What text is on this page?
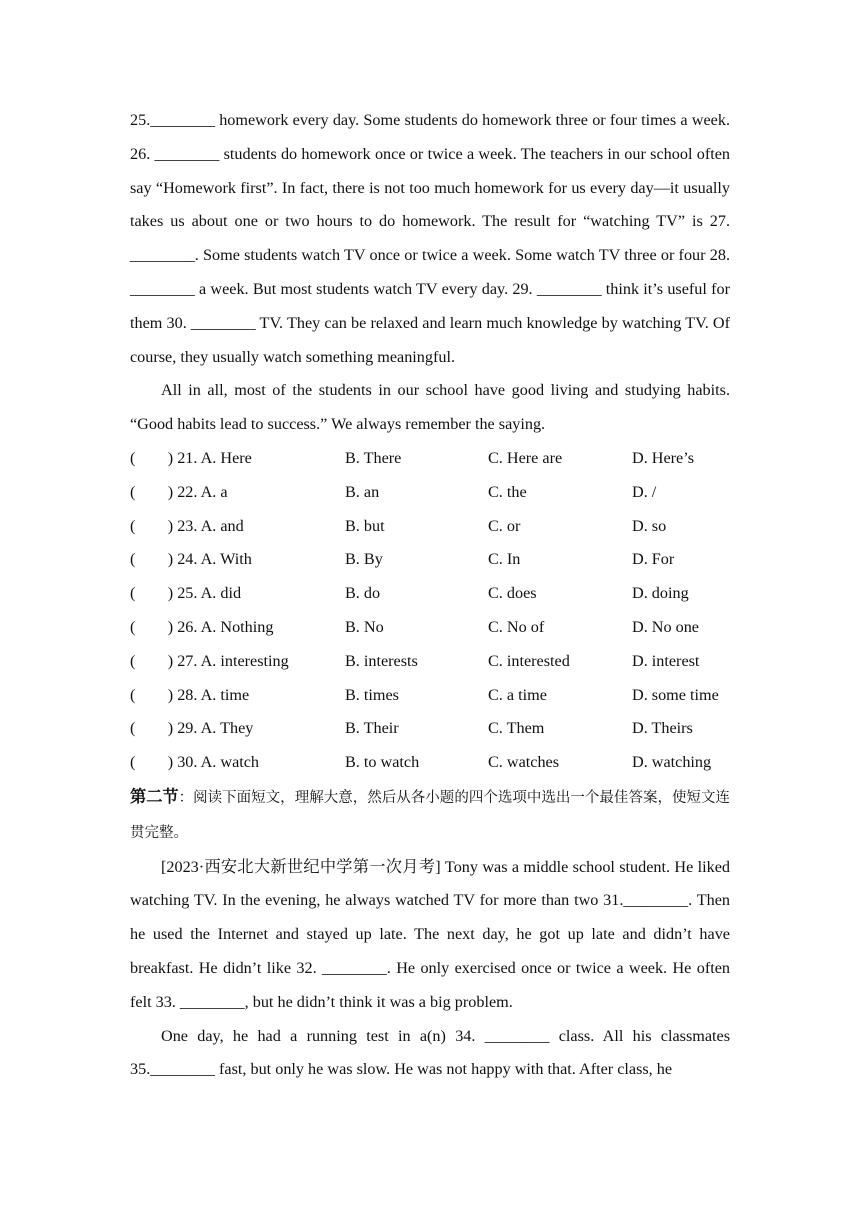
25.________ homework every day. Some students do homework three or four times a week. 26. ________ students do homework once or twice a week. The teachers in our school often say “Homework first”. In fact, there is not too much homework for us every day—it usually takes us about one or two hours to do homework. The result for “watching TV” is 27. ________. Some students watch TV once or twice a week. Some watch TV three or four 28. ________ a week. But most students watch TV every day. 29. ________ think it’s useful for them 30. ________ TV. They can be relaxed and learn much knowledge by watching TV. Of course, they usually watch something meaningful.

All in all, most of the students in our school have good living and studying habits. “Good habits lead to success.” We always remember the saying.

(　　) 21. A. Here	B. There	C. Here are	D. Here’s
(　　) 22. A. a	B. an	C. the	D. /
(　　) 23. A. and	B. but	C. or	D. so
(　　) 24. A. With	B. By	C. In	D. For
(　　) 25. A. did	B. do	C. does	D. doing
(　　) 26. A. Nothing	B. No	C. No of	D. No one
(　　) 27. A. interesting	B. interests	C. interested	D. interest
(　　) 28. A. time	B. times	C. a time	D. some time
(　　) 29. A. They	B. Their	C. Them	D. Theirs
(　　) 30. A. watch	B. to watch	C. watches	D. watching

第二节：阅读下面短文，理解大意，然后从各小题的四个选项中选出一个最佳答案，使短文连贯完整。

[2023·西安北大新世纪中学第一次月考] Tony was a middle school student. He liked watching TV. In the evening, he always watched TV for more than two 31.________. Then he used the Internet and stayed up late. The next day, he got up late and didn’t have breakfast. He didn’t like 32. ________. He only exercised once or twice a week. He often felt 33. ________, but he didn’t think it was a big problem.

One day, he had a running test in a(n) 34. ________ class. All his classmates 35.________ fast, but only he was slow. He was not happy with that. After class, he
